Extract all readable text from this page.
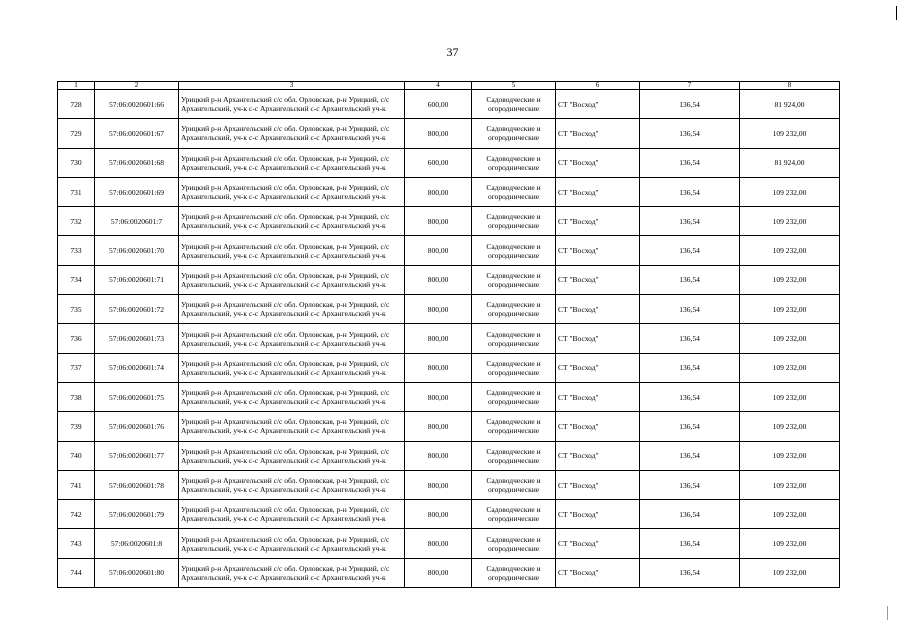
37
1	2	3	4	5	6	7	8
728	57:06:0020601:66	Урицкий р-н Архангельский с/с обл. Орловская, р-н Урицкий, с/с Архангельский, уч-к с-с Архангельский с-с Архангельский уч-к	600,00	Садоводческие и огороднические	СТ "Восход"	136,54	81 924,00
729	57:06:0020601:67	Урицкий р-н Архангельский с/с обл. Орловская, р-н Урицкий, с/с Архангельский, уч-к с-с Архангельский с-с Архангельский уч-к	800,00	Садоводческие и огороднические	СТ "Восход"	136,54	109 232,00
730	57:06:0020601:68	Урицкий р-н Архангельский с/с обл. Орловская, р-н Урицкий, с/с Архангельский, уч-к с-с Архангельский с-с Архангельский уч-к	600,00	Садоводческие и огороднические	СТ "Восход"	136,54	81 924,00
731	57:06:0020601:69	Урицкий р-н Архангельский с/с обл. Орловская, р-н Урицкий, с/с Архангельский, уч-к с-с Архангельский с-с Архангельский уч-к	800,00	Садоводческие и огороднические	СТ "Восход"	136,54	109 232,00
732	57:06:0020601:7	Урицкий р-н Архангельский с/с обл. Орловская, р-н Урицкий, с/с Архангельский, уч-к с-с Архангельский с-с Архангельский уч-к	800,00	Садоводческие и огороднические	СТ "Восход"	136,54	109 232,00
733	57:06:0020601:70	Урицкий р-н Архангельский с/с обл. Орловская, р-н Урицкий, с/с Архангельский, уч-к с-с Архангельский с-с Архангельский уч-к	800,00	Садоводческие и огороднические	СТ "Восход"	136,54	109 232,00
734	57:06:0020601:71	Урицкий р-н Архангельский с/с обл. Орловская, р-н Урицкий, с/с Архангельский, уч-к с-с Архангельский с-с Архангельский уч-к	800,00	Садоводческие и огороднические	СТ "Восход"	136,54	109 232,00
735	57:06:0020601:72	Урицкий р-н Архангельский с/с обл. Орловская, р-н Урицкий, с/с Архангельский, уч-к с-с Архангельский с-с Архангельский уч-к	800,00	Садоводческие и огороднические	СТ "Восход"	136,54	109 232,00
736	57:06:0020601:73	Урицкий р-н Архангельский с/с обл. Орловская, р-н Урицкий, с/с Архангельский, уч-к с-с Архангельский с-с Архангельский уч-к	800,00	Садоводческие и огороднические	СТ "Восход"	136,54	109 232,00
737	57:06:0020601:74	Урицкий р-н Архангельский с/с обл. Орловская, р-н Урицкий, с/с Архангельский, уч-к с-с Архангельский с-с Архангельский уч-к	800,00	Садоводческие и огороднические	СТ "Восход"	136,54	109 232,00
738	57:06:0020601:75	Урицкий р-н Архангельский с/с обл. Орловская, р-н Урицкий, с/с Архангельский, уч-к с-с Архангельский с-с Архангельский уч-к	800,00	Садоводческие и огороднические	СТ "Восход"	136,54	109 232,00
739	57:06:0020601:76	Урицкий р-н Архангельский с/с обл. Орловская, р-н Урицкий, с/с Архангельский, уч-к с-с Архангельский с-с Архангельский уч-к	800,00	Садоводческие и огороднические	СТ "Восход"	136,54	109 232,00
740	57:06:0020601:77	Урицкий р-н Архангельский с/с обл. Орловская, р-н Урицкий, с/с Архангельский, уч-к с-с Архангельский с-с Архангельский уч-к	800,00	Садоводческие и огороднические	СТ "Восход"	136,54	109 232,00
741	57:06:0020601:78	Урицкий р-н Архангельский с/с обл. Орловская, р-н Урицкий, с/с Архангельский, уч-к с-с Архангельский с-с Архангельский уч-к	800,00	Садоводческие и огороднические	СТ "Восход"	136,54	109 232,00
742	57:06:0020601:79	Урицкий р-н Архангельский с/с обл. Орловская, р-н Урицкий, с/с Архангельский, уч-к с-с Архангельский с-с Архангельский уч-к	800,00	Садоводческие и огороднические	СТ "Восход"	136,54	109 232,00
743	57:06:0020601:8	Урицкий р-н Архангельский с/с обл. Орловская, р-н Урицкий, с/с Архангельский, уч-к с-с Архангельский с-с Архангельский уч-к	800,00	Садоводческие и огороднические	СТ "Восход"	136,54	109 232,00
744	57:06:0020601:80	Урицкий р-н Архангельский с/с обл. Орловская, р-н Урицкий, с/с Архангельский, уч-к с-с Архангельский с-с Архангельский уч-к	800,00	Садоводческие и огороднические	СТ "Восход"	136,54	109 232,00
